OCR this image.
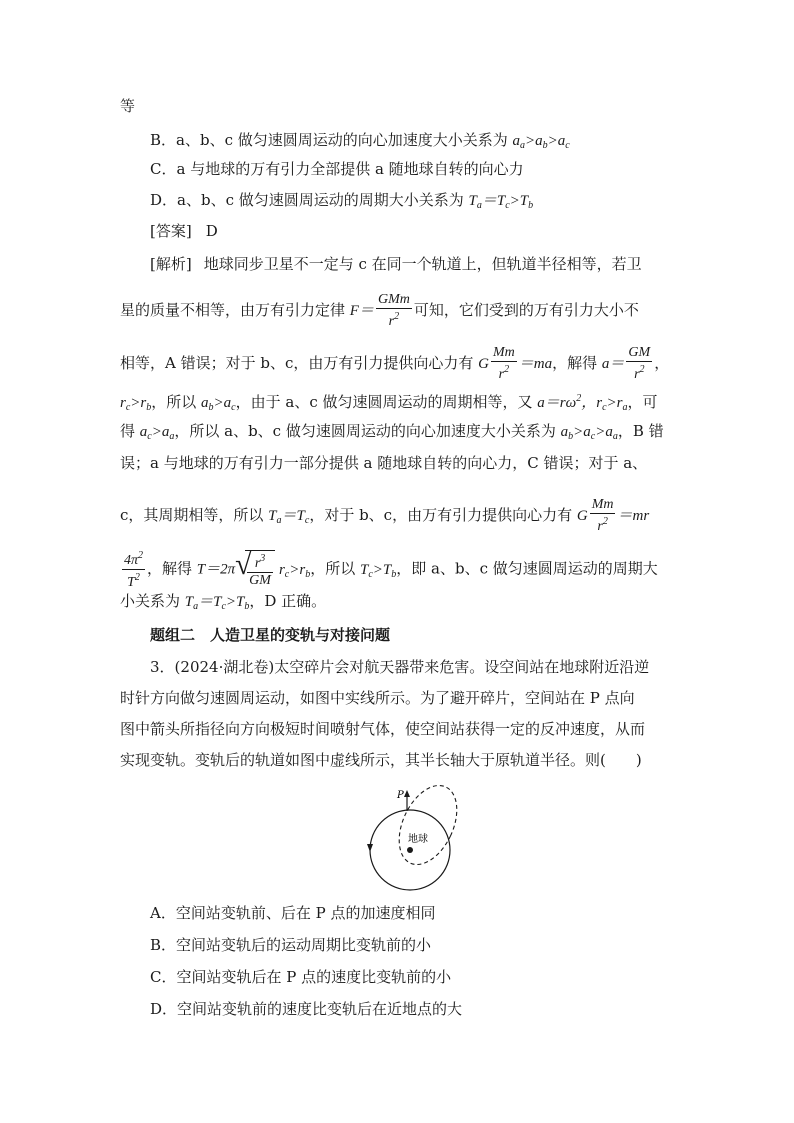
等
B．a、b、c 做匀速圆周运动的向心加速度大小关系为 $a_a>a_b>a_c$
C．a 与地球的万有引力全部提供 a 随地球自转的向心力
D．a、b、c 做匀速圆周运动的周期大小关系为 $T_a=T_c>T_b$
[答案] D
[解析] 地球同步卫星不一定与 c 在同一个轨道上，但轨道半径相等，若卫
星的质量不相等，由万有引力定律 $F= \frac{\text{GMm}}{r^2}$ 可知，它们受到的万有引力大小不
相等，A 错误；对于 b、c，由万有引力提供向心力有 G $\frac{Mm}{r^2} =ma$，解得 $a= \frac{GM}{r^2}$ ，
$r_c>r_b$，所以 $a_b>a_c$，由于 a、c 做匀速圆周运动的周期相等，又 $a=r\omega^2$，$r_c>r_a$，可
得 $a_c>a_a$，所以 a、b、c 做匀速圆周运动的向心加速度大小关系为 $a_b>a_c>a_a$，B 错
误；a 与地球的万有引力一部分提供 a 随地球自转的向心力，C 错误；对于 a、
c，其周期相等，所以 $T_a=T_c$，对于 b、c，由万有引力提供向心力有 G $\frac{Mm}{r^2} =mr$
$\frac{4\pi^2}{T^2}$ ，解得 T＝2π √
$\frac{r^3}{GM} r_c>r_b$，所以 $T_c>T_b$，即 a、b、c 做匀速圆周运动的周期大
小关系为 $T_a=T_c>T_b$，D 正确。
题组二　人造卫星的变轨与对接问题
3．(2024·湖北卷)太空碎片会对航天器带来危害。设空间站在地球附近沿逆
时针方向做匀速圆周运动，如图中实线所示。为了避开碎片，空间站在 P 点向
图中箭头所指径向方向极短时间喷射气体，使空间站获得一定的反冲速度，从而
实现变轨。变轨后的轨道如图中虚线所示，其半长轴大于原轨道半径。则(　　)
P
地球
A．空间站变轨前、后在 P 点的加速度相同
B．空间站变轨后的运动周期比变轨前的小
C．空间站变轨后在 P 点的速度比变轨前的小
D．空间站变轨前的速度比变轨后在近地点的大
